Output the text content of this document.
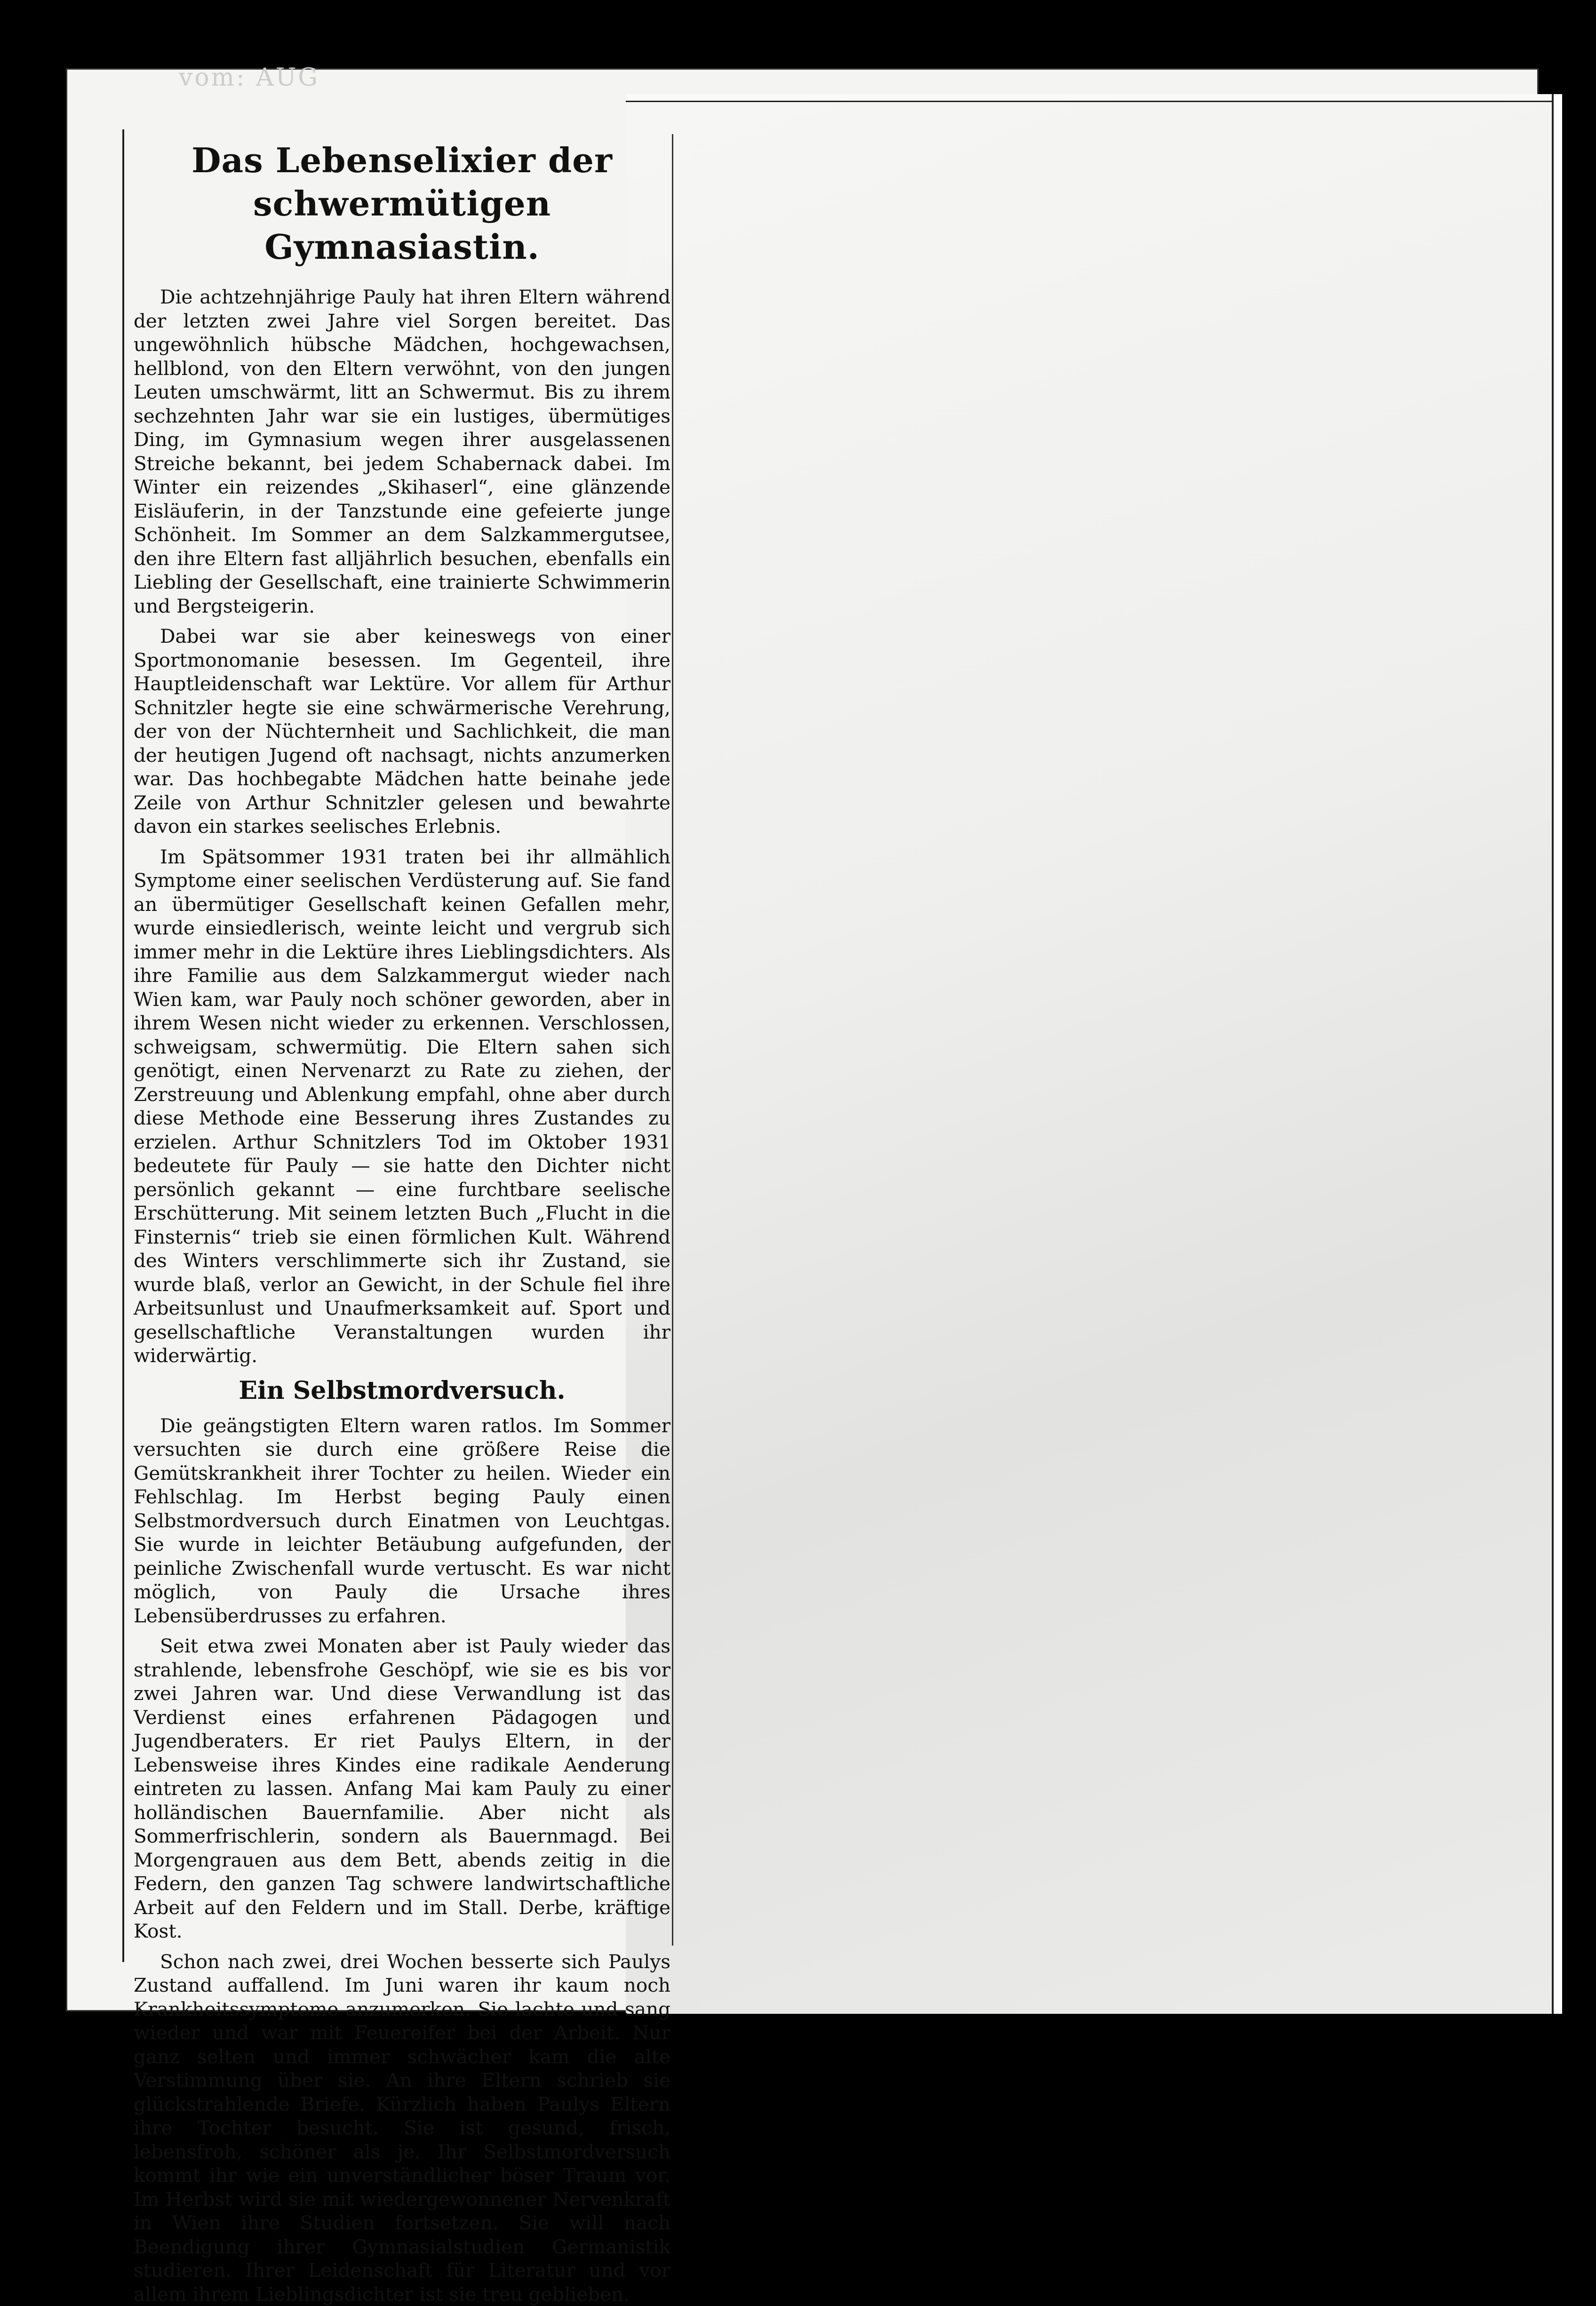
vom: AUG
Das Lebenselixier der schwermütigen Gymnasiastin.

Die achtzehnjährige Pauly hat ihren Eltern während der letzten zwei Jahre viel Sorgen bereitet. Das ungewöhnlich hübsche Mädchen, hochgewachsen, hellblond, von den Eltern verwöhnt, von den jungen Leuten umschwärmt, litt an Schwermut. Bis zu ihrem sechzehnten Jahr war sie ein lustiges, übermütiges Ding, im Gymnasium wegen ihrer ausgelassenen Streiche bekannt, bei jedem Schabernack dabei. Im Winter ein reizendes „Skihaserl“, eine glänzende Eisläuferin, in der Tanzstunde eine gefeierte junge Schönheit. Im Sommer an dem Salzkammergutsee, den ihre Eltern fast alljährlich besuchen, ebenfalls ein Liebling der Gesellschaft, eine trainierte Schwimmerin und Bergsteigerin.

Dabei war sie aber keineswegs von einer Sportmonomanie besessen. Im Gegenteil, ihre Hauptleidenschaft war Lektüre. Vor allem für Arthur Schnitzler hegte sie eine schwärmerische Verehrung, der von der Nüchternheit und Sachlichkeit, die man der heutigen Jugend oft nachsagt, nichts anzumerken war. Das hochbegabte Mädchen hatte beinahe jede Zeile von Arthur Schnitzler gelesen und bewahrte davon ein starkes seelisches Erlebnis.

Im Spätsommer 1931 traten bei ihr allmählich Symptome einer seelischen Verdüsterung auf. Sie fand an übermütiger Gesellschaft keinen Gefallen mehr, wurde einsiedlerisch, weinte leicht und vergrub sich immer mehr in die Lektüre ihres Lieblingsdichters. Als ihre Familie aus dem Salzkammergut wieder nach Wien kam, war Pauly noch schöner geworden, aber in ihrem Wesen nicht wieder zu erkennen. Verschlossen, schweigsam, schwermütig. Die Eltern sahen sich genötigt, einen Nervenarzt zu Rate zu ziehen, der Zerstreuung und Ablenkung empfahl, ohne aber durch diese Methode eine Besserung ihres Zustandes zu erzielen. Arthur Schnitzlers Tod im Oktober 1931 bedeutete für Pauly — sie hatte den Dichter nicht persönlich gekannt — eine furchtbare seelische Erschütterung. Mit seinem letzten Buch „Flucht in die Finsternis“ trieb sie einen förmlichen Kult. Während des Winters verschlimmerte sich ihr Zustand, sie wurde blaß, verlor an Gewicht, in der Schule fiel ihre Arbeitsunlust und Unaufmerksamkeit auf. Sport und gesellschaftliche Veranstaltungen wurden ihr widerwärtig.

Ein Selbstmordversuch.

Die geängstigten Eltern waren ratlos. Im Sommer versuchten sie durch eine größere Reise die Gemütskrankheit ihrer Tochter zu heilen. Wieder ein Fehlschlag. Im Herbst beging Pauly einen Selbstmordversuch durch Einatmen von Leuchtgas. Sie wurde in leichter Betäubung aufgefunden, der peinliche Zwischenfall wurde vertuscht. Es war nicht möglich, von Pauly die Ursache ihres Lebensüberdrusses zu erfahren.

Seit etwa zwei Monaten aber ist Pauly wieder das strahlende, lebensfrohe Geschöpf, wie sie es bis vor zwei Jahren war. Und diese Verwandlung ist das Verdienst eines erfahrenen Pädagogen und Jugendberaters. Er riet Paulys Eltern, in der Lebensweise ihres Kindes eine radikale Aenderung eintreten zu lassen. Anfang Mai kam Pauly zu einer holländischen Bauernfamilie. Aber nicht als Sommerfrischlerin, sondern als Bauernmagd. Bei Morgengrauen aus dem Bett, abends zeitig in die Federn, den ganzen Tag schwere landwirtschaftliche Arbeit auf den Feldern und im Stall. Derbe, kräftige Kost.

Schon nach zwei, drei Wochen besserte sich Paulys Zustand auffallend. Im Juni waren ihr kaum noch Krankheitssymptome anzumerken. Sie lachte und sang wieder und war mit Feuereifer bei der Arbeit. Nur ganz selten und immer schwächer kam die alte Verstimmung über sie. An ihre Eltern schrieb sie glückstrahlende Briefe. Kürzlich haben Paulys Eltern ihre Tochter besucht. Sie ist gesund, frisch, lebensfroh, schöner als je. Ihr Selbstmordversuch kommt ihr wie ein unverständlicher böser Traum vor. Im Herbst wird sie mit wiedergewonnener Nervenkraft in Wien ihre Studien fortsetzen. Sie will nach Beendigung ihrer Gymnasialstudien Germanistik studieren. Ihrer Leidenschaft für Literatur und vor allem ihrem Lieblingsdichter ist sie treu geblieben.
